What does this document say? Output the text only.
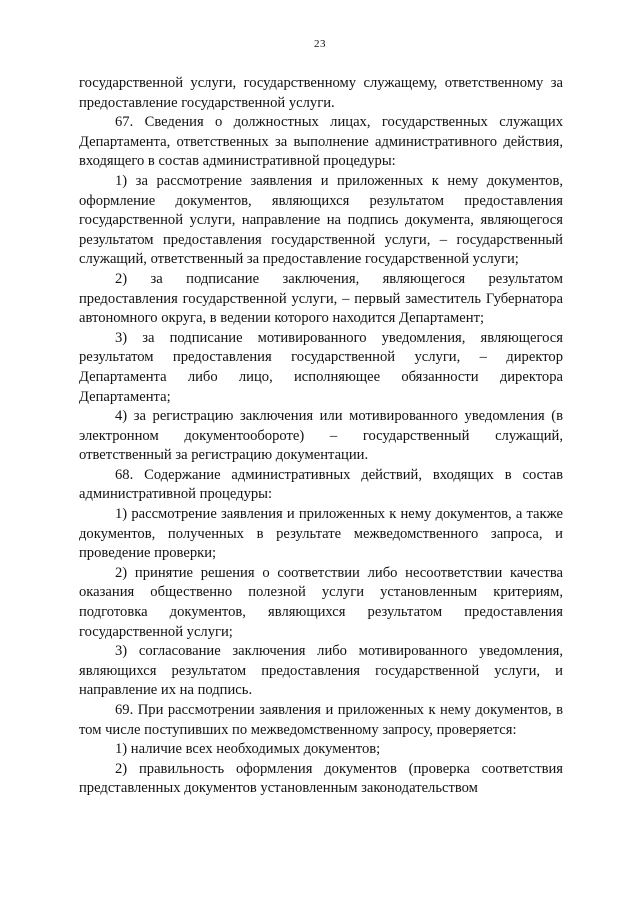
23

государственной услуги, государственному служащему, ответственному за предоставление государственной услуги.

67. Сведения о должностных лицах, государственных служащих Департамента, ответственных за выполнение административного действия, входящего в состав административной процедуры:

1) за рассмотрение заявления и приложенных к нему документов, оформление документов, являющихся результатом предоставления государственной услуги, направление на подпись документа, являющегося результатом предоставления государственной услуги, – государственный служащий, ответственный за предоставление государственной услуги;

2) за подписание заключения, являющегося результатом предоставления государственной услуги, – первый заместитель Губернатора автономного округа, в ведении которого находится Департамент;

3) за подписание мотивированного уведомления, являющегося результатом предоставления государственной услуги, – директор Департамента либо лицо, исполняющее обязанности директора Департамента;

4) за регистрацию заключения или мотивированного уведомления (в электронном документообороте) – государственный служащий, ответственный за регистрацию документации.

68. Содержание административных действий, входящих в состав административной процедуры:

1) рассмотрение заявления и приложенных к нему документов, а также документов, полученных в результате межведомственного запроса, и проведение проверки;

2) принятие решения о соответствии либо несоответствии качества оказания общественно полезной услуги установленным критериям, подготовка документов, являющихся результатом предоставления государственной услуги;

3) согласование заключения либо мотивированного уведомления, являющихся результатом предоставления государственной услуги, и направление их на подпись.

69. При рассмотрении заявления и приложенных к нему документов, в том числе поступивших по межведомственному запросу, проверяется:

1) наличие всех необходимых документов;

2) правильность оформления документов (проверка соответствия представленных документов установленным законодательством
